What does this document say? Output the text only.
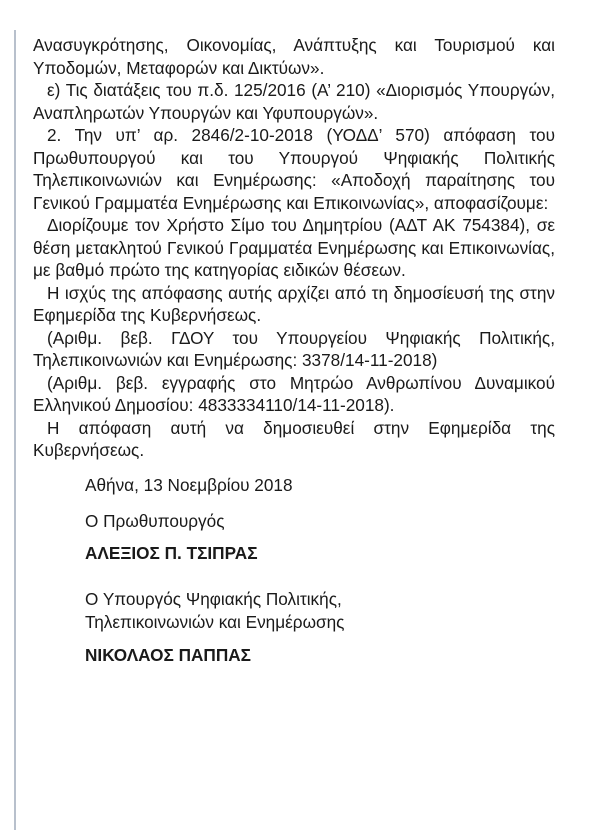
Ανασυγκρότησης, Οικονομίας, Ανάπτυξης και Τουρισμού και Υποδομών, Μεταφορών και Δικτύων».

ε) Τις διατάξεις του π.δ. 125/2016 (Α’ 210) «Διορισμός Υπουργών, Αναπληρωτών Υπουργών και Υφυπουργών».

2. Την υπ’ αρ. 2846/2-10-2018 (ΥΟΔΔ’ 570) απόφαση του Πρωθυπουργού και του Υπουργού Ψηφιακής Πολιτικής Τηλεπικοινωνιών και Ενημέρωσης: «Αποδοχή παραίτησης του Γενικού Γραμματέα Ενημέρωσης και Επικοινωνίας», αποφασίζουμε:

Διορίζουμε τον Χρήστο Σίμο του Δημητρίου (ΑΔΤ ΑΚ 754384), σε θέση μετακλητού Γενικού Γραμματέα Ενημέρωσης και Επικοινωνίας, με βαθμό πρώτο της κατηγορίας ειδικών θέσεων.

Η ισχύς της απόφασης αυτής αρχίζει από τη δημοσίευσή της στην Εφημερίδα της Κυβερνήσεως.

(Αριθμ. βεβ. ΓΔΟΥ του Υπουργείου Ψηφιακής Πολιτικής, Τηλεπικοινωνιών και Ενημέρωσης: 3378/14-11-2018)

(Αριθμ. βεβ. εγγραφής στο Μητρώο Ανθρωπίνου Δυναμικού Ελληνικού Δημοσίου: 4833334110/14-11-2018).

Η απόφαση αυτή να δημοσιευθεί στην Εφημερίδα της Κυβερνήσεως.

Αθήνα, 13 Νοεμβρίου 2018

Ο Πρωθυπουργός

ΑΛΕΞΙΟΣ Π. ΤΣΙΠΡΑΣ

Ο Υπουργός Ψηφιακής Πολιτικής,
Τηλεπικοινωνιών και Ενημέρωσης

ΝΙΚΟΛΑΟΣ ΠΑΠΠΑΣ
